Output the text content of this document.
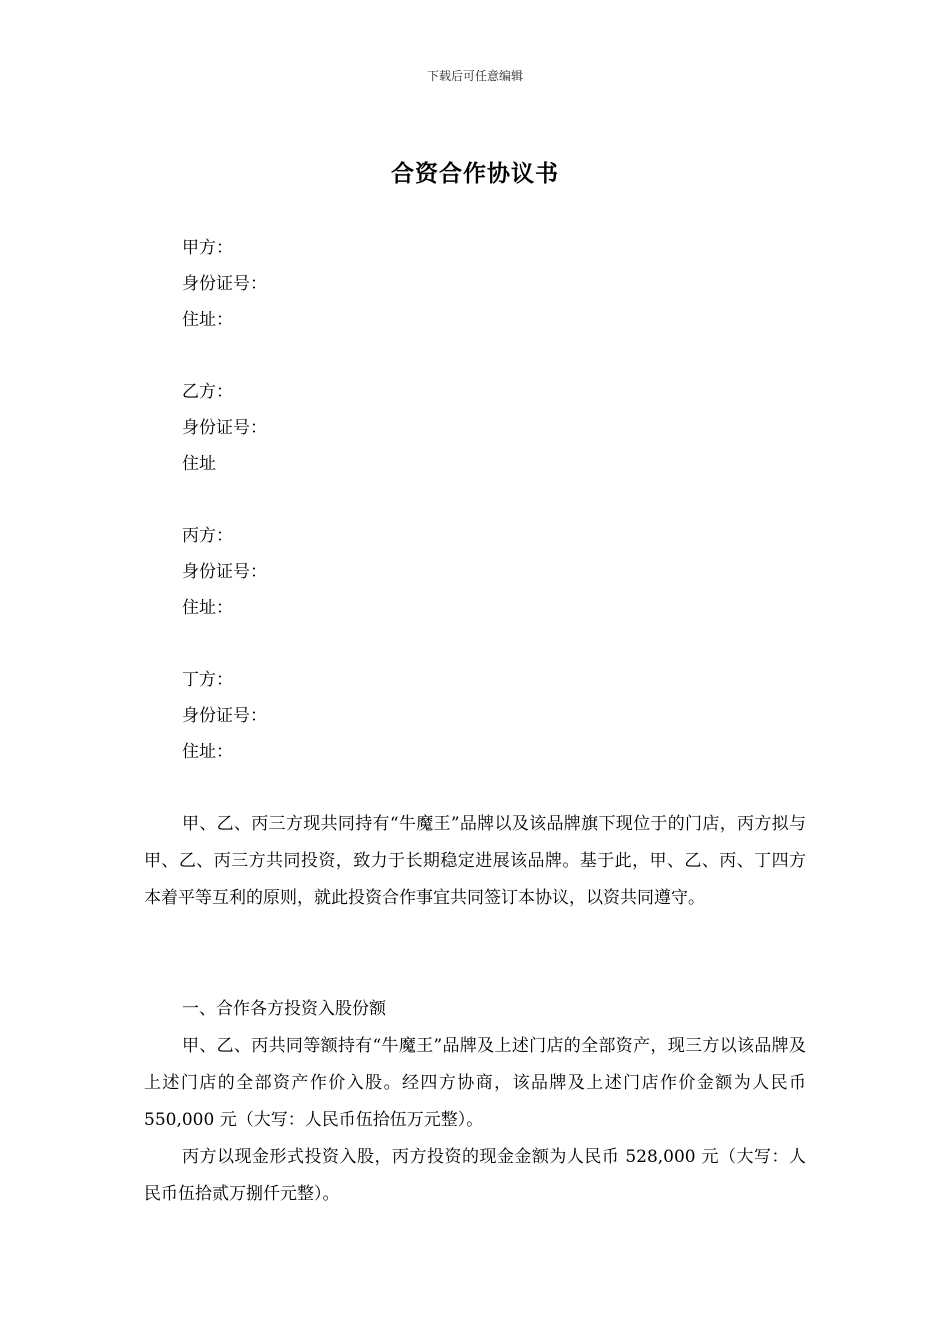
下载后可任意编辑
合资合作协议书
甲方：
身份证号：
住址：
乙方：
身份证号：
住址
丙方：
身份证号：
住址：
丁方：
身份证号：
住址：

甲、乙、丙三方现共同持有“牛魔王”品牌以及该品牌旗下现位于的门店，丙方拟与甲、乙、丙三方共同投资，致力于长期稳定进展该品牌。基于此，甲、乙、丙、丁四方本着平等互利的原则，就此投资合作事宜共同签订本协议，以资共同遵守。

一、合作各方投资入股份额

甲、乙、丙共同等额持有“牛魔王”品牌及上述门店的全部资产，现三方以该品牌及上述门店的全部资产作价入股。经四方协商，该品牌及上述门店作价金额为人民币 550,000 元（大写：人民币伍拾伍万元整）。

丙方以现金形式投资入股，丙方投资的现金金额为人民币 528,000 元（大写：人民币伍拾贰万捌仟元整）。
